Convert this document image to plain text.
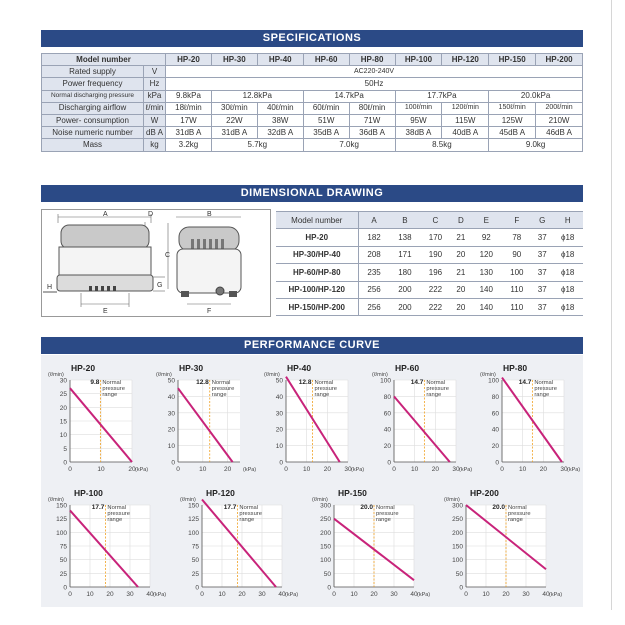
SPECIFICATIONS
Model number		HP-20	HP-30	HP-40	HP-60	HP-80	HP-100	HP-120	HP-150	HP-200
Rated supply	V	AC220-240V								
Power frequency	Hz	50Hz								
Normal discharging pressure	kPa	9.8kPa	12.8kPa		14.7kPa		17.7kPa		20.0kPa	
Discharging airflow	ℓ/min	18ℓ/min	30ℓ/min	40ℓ/min	60ℓ/min	80ℓ/min	100ℓ/min	120ℓ/min	150ℓ/min	200ℓ/min
Power- consumption	W	17W	22W	38W	51W	71W	95W	115W	125W	210W
Noise numeric number	dB A	31dB A	31dB A	32dB A	35dB A	36dB A	38dB A	40dB A	45dB A	46dB A
Mass	kg	3.2kg	5.7kg		7.0kg		8.5kg		9.0kg	
DIMENSIONAL DRAWING
A	D	B
C
E	F
G
H
Model number	A	B	C	D	E	F	G	H
HP-20	182	138	170	21	92	78	37	ϕ18
HP-30/HP-40	208	171	190	20	120	90	37	ϕ18
HP-60/HP-80	235	180	196	21	130	100	37	ϕ18
HP-100/HP-120	256	200	222	20	140	110	37	ϕ18
HP-150/HP-200	256	200	222	20	140	110	37	ϕ18
PERFORMANCE CURVE
0
5
10
15
20
25
30
0	10	20
(ℓ/min)
(kPa)
9.8 Normal pressure range
HP-20
0
10
20
30
40
50
0	10	20
(ℓ/min)
(kPa)
12.8 Normal pressure range
HP-30
0
10
20
30
40
50
0 10 20 30
(ℓ/min)
(kPa)
12.8 Normal pressure range
HP-40
0
20
40
60
80
100
0 10 20 30
(ℓ/min)
(kPa)
14.7 Normal pressure range
HP-60
0
20
40
60
80
100
0 10 20 30
(ℓ/min)
(kPa)
14.7 Normal pressure range
HP-80
0
25
50
75
100
125
150
0 10 20 30 40
(ℓ/min)
(kPa)
17.7 Normal pressure range
HP-100
0
25
50
75
100
125
150
0 10 20 30 40
(ℓ/min)
(kPa)
17.7 Normal pressure range
HP-120
0
50
100
150
200
250
300
0 10 20 30 40
(ℓ/min)
(kPa)
20.0 Normal pressure range
HP-150
0
50
100
150
200
250
300
0 10 20 30 40
(ℓ/min)
(kPa)
20.0 Normal pressure range
HP-200
